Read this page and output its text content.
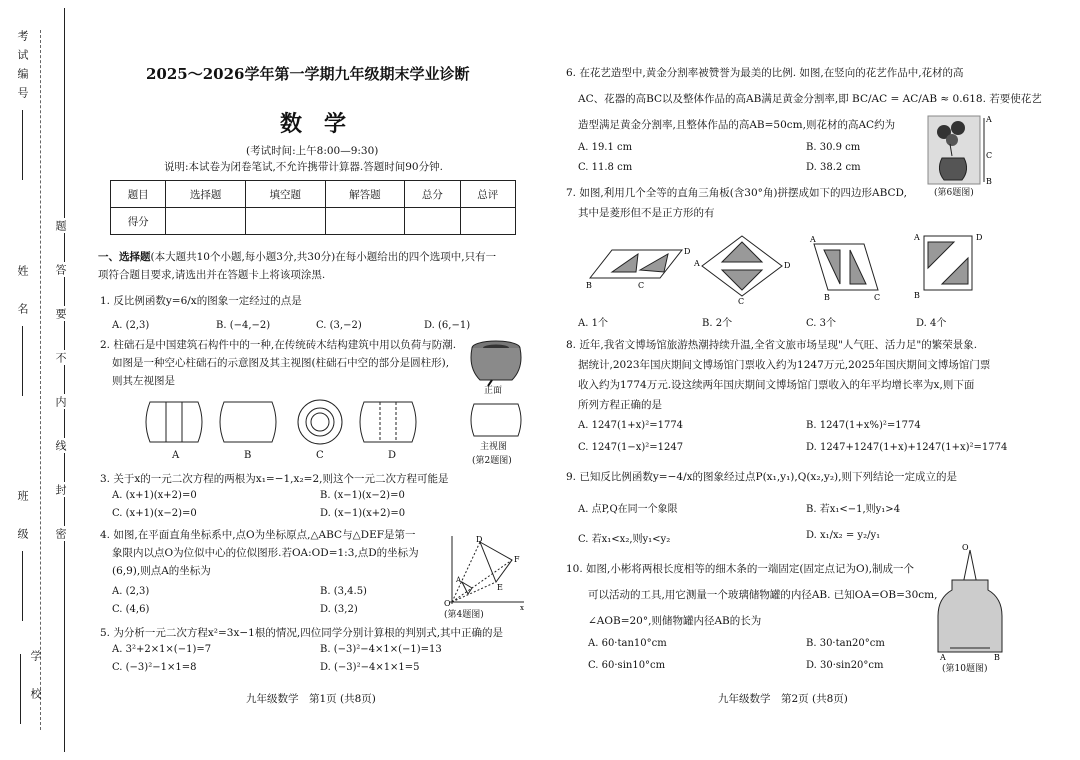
考试编号
姓　名
班　级
学　校
题
答
要
不
内
线
封
密
2025～2026学年第一学期九年级期末学业诊断
数　学
(考试时间:上午8:00—9:30)
说明:本试卷为闭卷笔试,不允许携带计算器.答题时间90分钟.
题目	选择题	填空题	解答题	总分	总评
得分					
一、选择题(本大题共10个小题,每小题3分,共30分)在每小题给出的四个选项中,只有一
项符合题目要求,请选出并在答题卡上将该项涂黑.
1. 反比例函数y=6/x的图象一定经过的点是
A. (2,3)	B. (−4,−2)	C. (3,−2)	D. (6,−1)
2. 柱础石是中国建筑石构件中的一种,在传统砖木结构建筑中用以负荷与防潮.
如图是一种空心柱础石的示意图及其主视图(柱础石中空的部分是圆柱形),
则其左视图是
正面
A	B	C	D
主视图
(第2题图)
3. 关于x的一元二次方程的两根为x₁=−1,x₂=2,则这个一元二次方程可能是
A. (x+1)(x+2)=0	B. (x−1)(x−2)=0
C. (x+1)(x−2)=0	D. (x−1)(x+2)=0
4. 如图,在平面直角坐标系中,点O为坐标原点,△ABC与△DEF是第一
象限内以点O为位似中心的位似图形.若OA:OD=1:3,点D的坐标为
(6,9),则点A的坐标为
A. (2,3)	B. (3,4.5)
C. (4,6)	D. (3,2)
D
F
E
A
O	x
(第4题图)
5. 为分析一元二次方程x²=3x−1根的情况,四位同学分别计算根的判别式,其中正确的是
A. 3²+2×1×(−1)=7	B. (−3)²−4×1×(−1)=13
C. (−3)²−1×1=8	D. (−3)²−4×1×1=5
九年级数学　第1页 (共8页)
6. 在花艺造型中,黄金分割率被赞誉为最美的比例. 如图,在竖向的花艺作品中,花材的高
AC、花器的高BC以及整体作品的高AB满足黄金分割率,即 BC/AC = AC/AB ≈ 0.618. 若要使花艺
造型满足黄金分割率,且整体作品的高AB=50cm,则花材的高AC约为
A. 19.1 cm	B. 30.9 cm
C. 11.8 cm	D. 38.2 cm
A
C
B
(第6题图)
7. 如图,利用几个全等的直角三角板(含30°角)拼摆成如下的四边形ABCD,
其中是菱形但不是正方形的有
B	C
D
A	D
C
A
B	C
A	D
B
A. 1个	B. 2个	C. 3个	D. 4个
8. 近年,我省文博场馆旅游热潮持续升温,全省文旅市场呈现"人气旺、活力足"的繁荣景象.
据统计,2023年国庆期间文博场馆门票收入约为1247万元,2025年国庆期间文博场馆门票
收入约为1774万元.设这续两年国庆期间文博场馆门票收入的年平均增长率为x,则下面
所列方程正确的是
A. 1247(1+x)²=1774	B. 1247(1+x%)²=1774
C. 1247(1−x)²=1247	D. 1247+1247(1+x)+1247(1+x)²=1774
9. 已知反比例函数y=−4/x的图象经过点P(x₁,y₁),Q(x₂,y₂),则下列结论一定成立的是
A. 点P,Q在同一个象限	B. 若x₁<−1,则y₁>4
C. 若x₁<x₂,则y₁<y₂	D. x₁/x₂ = y₂/y₁
10. 如图,小彬将两根长度相等的细木条的一端固定(固定点记为O),制成一个
可以活动的工具,用它测量一个玻璃储物罐的内径AB. 已知OA=OB=30cm,
∠AOB=20°,则储物罐内径AB的长为
A. 60·tan10°cm	B. 30·tan20°cm
C. 60·sin10°cm	D. 30·sin20°cm
O
A	B
(第10题图)
九年级数学　第2页 (共8页)
